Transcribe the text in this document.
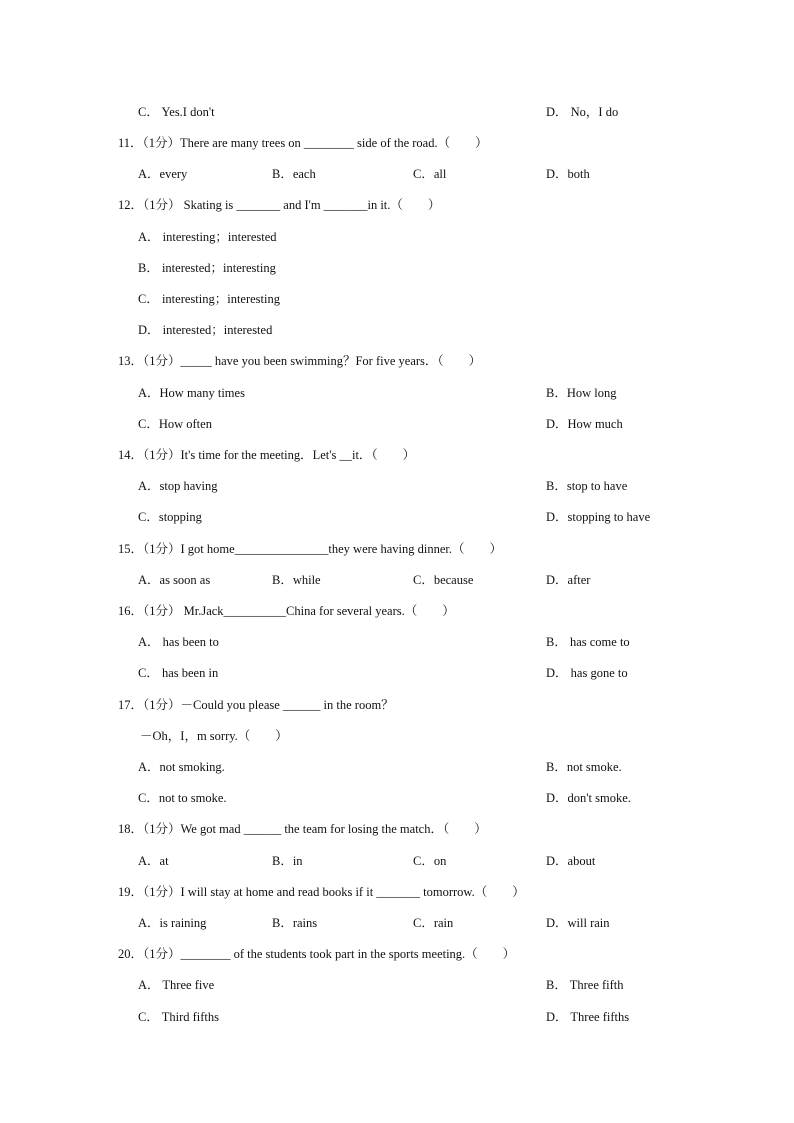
C． Yes.I don't

	D． No，I do

11．（1分）There are many trees on ________ side of the road.（　　）

A．every

	B．each

	C．all

	D．both

12．（1分） Skating is _______ and I'm _______in it.（　　）
A． interesting；interested
B． interested；interesting
C． interesting；interesting
D． interested；interested
13．（1分）_____ have you been swimming？For five years．（　　）

A．How many times

	B．How long

C．How often

	D．How much

14．（1分）It's time for the meeting．Let's __it．（　　）

A．stop having

	B．stop to have

C．stopping

	D．stopping to have

15．（1分）I got home_______________they were having dinner.（　　）

A．as soon as

	B．while

	C．because

	D．after

16．（1分） Mr.Jack__________China for several years.（　　）

A． has been to

	B． has come to

C． has been in

	D． has gone to

17．（1分）－Could you please ______ in the room？
－Oh，I，m sorry.（　　）

A．not smoking.

	B．not smoke.

C．not to smoke.

	D．don't smoke.

18．（1分）We got mad ______ the team for losing the match．（　　）

A．at

	B．in

	C．on

	D．about

19．（1分）I will stay at home and read books if it _______ tomorrow.（　　）

A．is raining

	B．rains

	C．rain

	D．will rain

20．（1分）________ of the students took part in the sports meeting.（　　）

A． Three five

	B． Three fifth

C． Third fifths

	D． Three fifths
